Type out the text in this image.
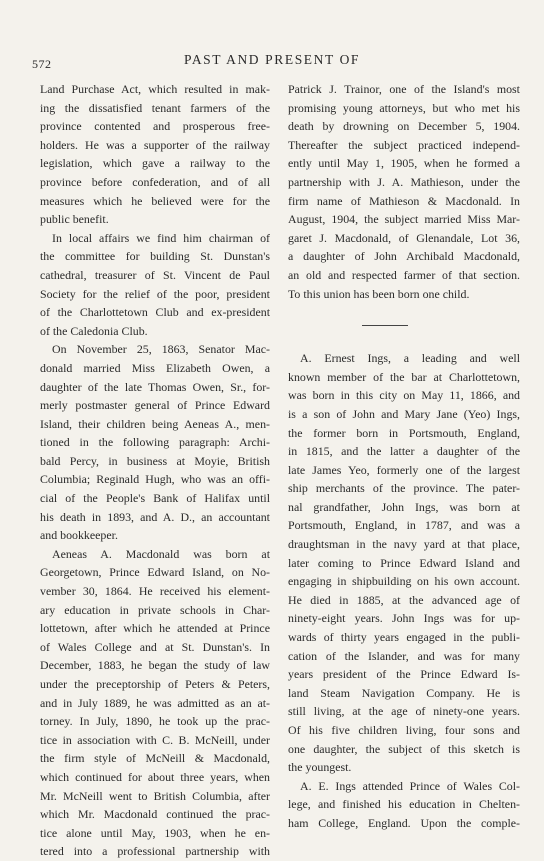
572	PAST AND PRESENT OF
Land Purchase Act, which resulted in mak-
ing the dissatisfied tenant farmers of the
province contented and prosperous free-
holders. He was a supporter of the railway
legislation, which gave a railway to the
province before confederation, and of all
measures which he believed were for the
public benefit.
In local affairs we find him chairman of
the committee for building St. Dunstan's
cathedral, treasurer of St. Vincent de Paul
Society for the relief of the poor, president
of the Charlottetown Club and ex-president
of the Caledonia Club.
On November 25, 1863, Senator Mac-
donald married Miss Elizabeth Owen, a
daughter of the late Thomas Owen, Sr., for-
merly postmaster general of Prince Edward
Island, their children being Aeneas A., men-
tioned in the following paragraph: Archi-
bald Percy, in business at Moyie, British
Columbia; Reginald Hugh, who was an offi-
cial of the People's Bank of Halifax until
his death in 1893, and A. D., an accountant
and bookkeeper.
Aeneas A. Macdonald was born at
Georgetown, Prince Edward Island, on No-
vember 30, 1864. He received his element-
ary education in private schools in Char-
lottetown, after which he attended at Prince
of Wales College and at St. Dunstan's. In
December, 1883, he began the study of law
under the preceptorship of Peters & Peters,
and in July 1889, he was admitted as an at-
torney. In July, 1890, he took up the prac-
tice in association with C. B. McNeill, under
the firm style of McNeill & Macdonald,
which continued for about three years, when
Mr. McNeill went to British Columbia, after
which Mr. Macdonald continued the prac-
tice alone until May, 1903, when he en-
tered into a professional partnership with
Patrick J. Trainor, one of the Island's most
promising young attorneys, but who met his
death by drowning on December 5, 1904.
Thereafter the subject practiced independ-
ently until May 1, 1905, when he formed a
partnership with J. A. Mathieson, under the
firm name of Mathieson & Macdonald. In
August, 1904, the subject married Miss Mar-
garet J. Macdonald, of Glenandale, Lot 36,
a daughter of John Archibald Macdonald,
an old and respected farmer of that section.
To this union has been born one child.
A. Ernest Ings, a leading and well
known member of the bar at Charlottetown,
was born in this city on May 11, 1866, and
is a son of John and Mary Jane (Yeo) Ings,
the former born in Portsmouth, England,
in 1815, and the latter a daughter of the
late James Yeo, formerly one of the largest
ship merchants of the province. The pater-
nal grandfather, John Ings, was born at
Portsmouth, England, in 1787, and was a
draughtsman in the navy yard at that place,
later coming to Prince Edward Island and
engaging in shipbuilding on his own account.
He died in 1885, at the advanced age of
ninety-eight years. John Ings was for up-
wards of thirty years engaged in the publi-
cation of the Islander, and was for many
years president of the Prince Edward Is-
land Steam Navigation Company. He is
still living, at the age of ninety-one years.
Of his five children living, four sons and
one daughter, the subject of this sketch is
the youngest.
A. E. Ings attended Prince of Wales Col-
lege, and finished his education in Chelten-
ham College, England. Upon the comple-
